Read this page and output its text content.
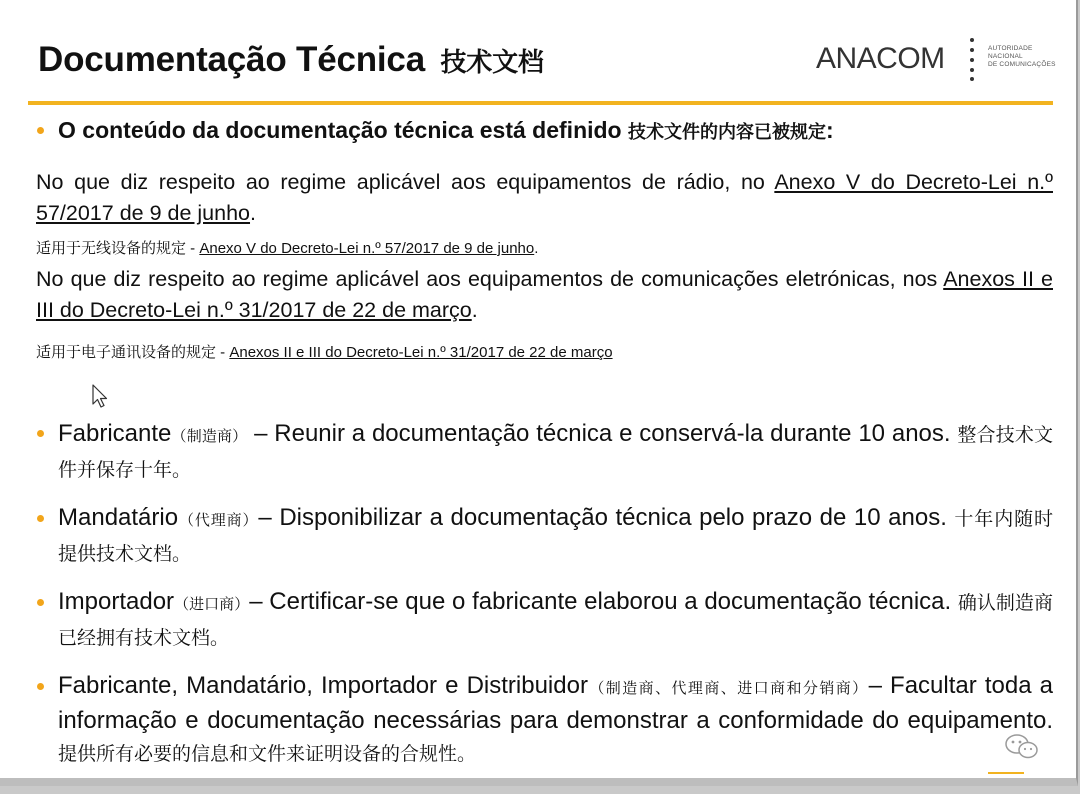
Documentação Técnica 技术文档	ANACOM	AUTORIDADE
NACIONAL
DE COMUNICAÇÕES
O conteúdo da documentação técnica está definido 技术文件的内容已被规定:
No que diz respeito ao regime aplicável aos equipamentos de rádio, no Anexo V do Decreto-Lei n.º 57/2017 de 9 de junho.
适用于无线设备的规定 - Anexo V do Decreto-Lei n.º 57/2017 de 9 de junho.
No que diz respeito ao regime aplicável aos equipamentos de comunicações eletrónicas, nos Anexos II e III do Decreto-Lei n.º 31/2017 de 22 de março.
适用于电子通讯设备的规定 - Anexos II e III do Decreto-Lei n.º 31/2017 de 22 de março
Fabricante（制造商） – Reunir a documentação técnica e conservá-la durante 10 anos. 整合技术文件并保存十年。
Mandatário（代理商）– Disponibilizar a documentação técnica pelo prazo de 10 anos. 十年内随时提供技术文档。
Importador（进口商）– Certificar-se que o fabricante elaborou a documentação técnica. 确认制造商已经拥有技术文档。
Fabricante, Mandatário, Importador e Distribuidor（制造商、代理商、进口商和分销商）– Facultar toda a informação e documentação necessárias para demonstrar a conformidade do equipamento. 提供所有必要的信息和文件来证明设备的合规性。
2
